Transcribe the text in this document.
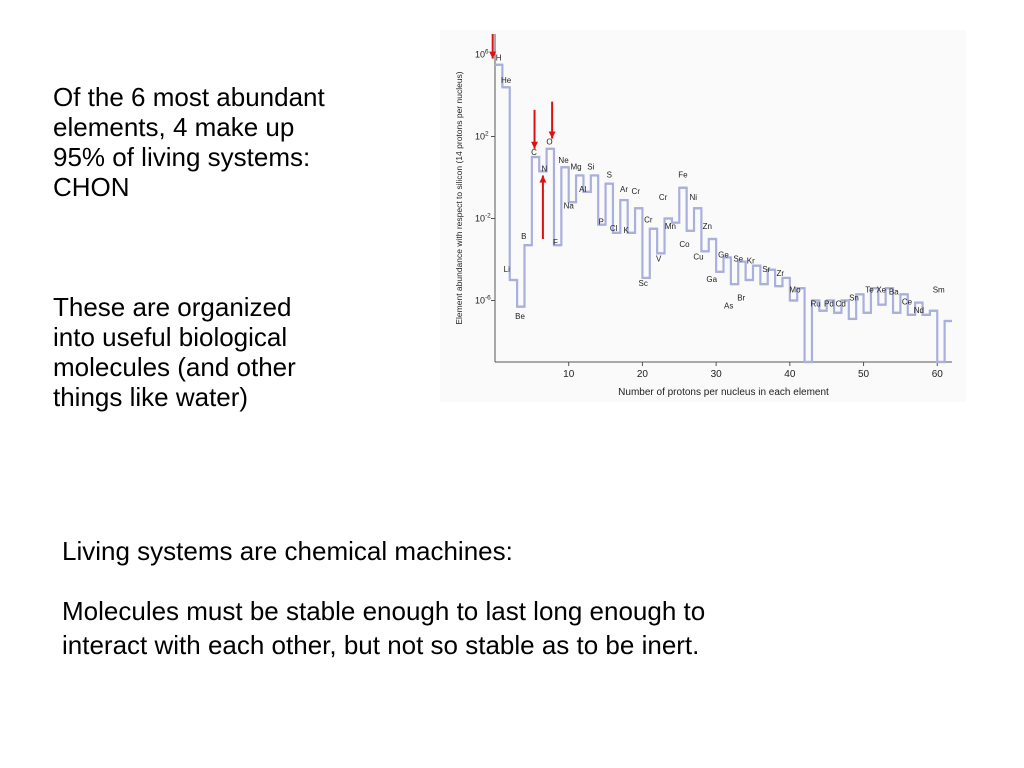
Of the 6 most abundant
elements, 4 make up
95% of living systems:
CHON
These are organized
into useful biological
molecules (and other
things like water)
Living systems are chemical machines:
Molecules must be stable enough to last long enough to
interact with each other, but not so stable as to be inert.
$10^6$
$10^2$
$10^{-2}$
$10^{-6}$
10	20	30	40	50	60
Number of protons per nucleus in each element
Element abundance with respect to silicon (14 protons per nucleus)
H
He
Li
Be
B
C
O
N
F
Ne
Na
Mg Si
Al
S
P
Ar
Cl
Cr
K
Cr
Cr
Fe
Ni
Mn
Co
Zn
Cu
V
Sc
Ge
Ga
Se Kr
As
Br
Sr Zr
Mo
Ru Pd Cd
Sn
Te Xe Ba
Ce
Nd
Sm
